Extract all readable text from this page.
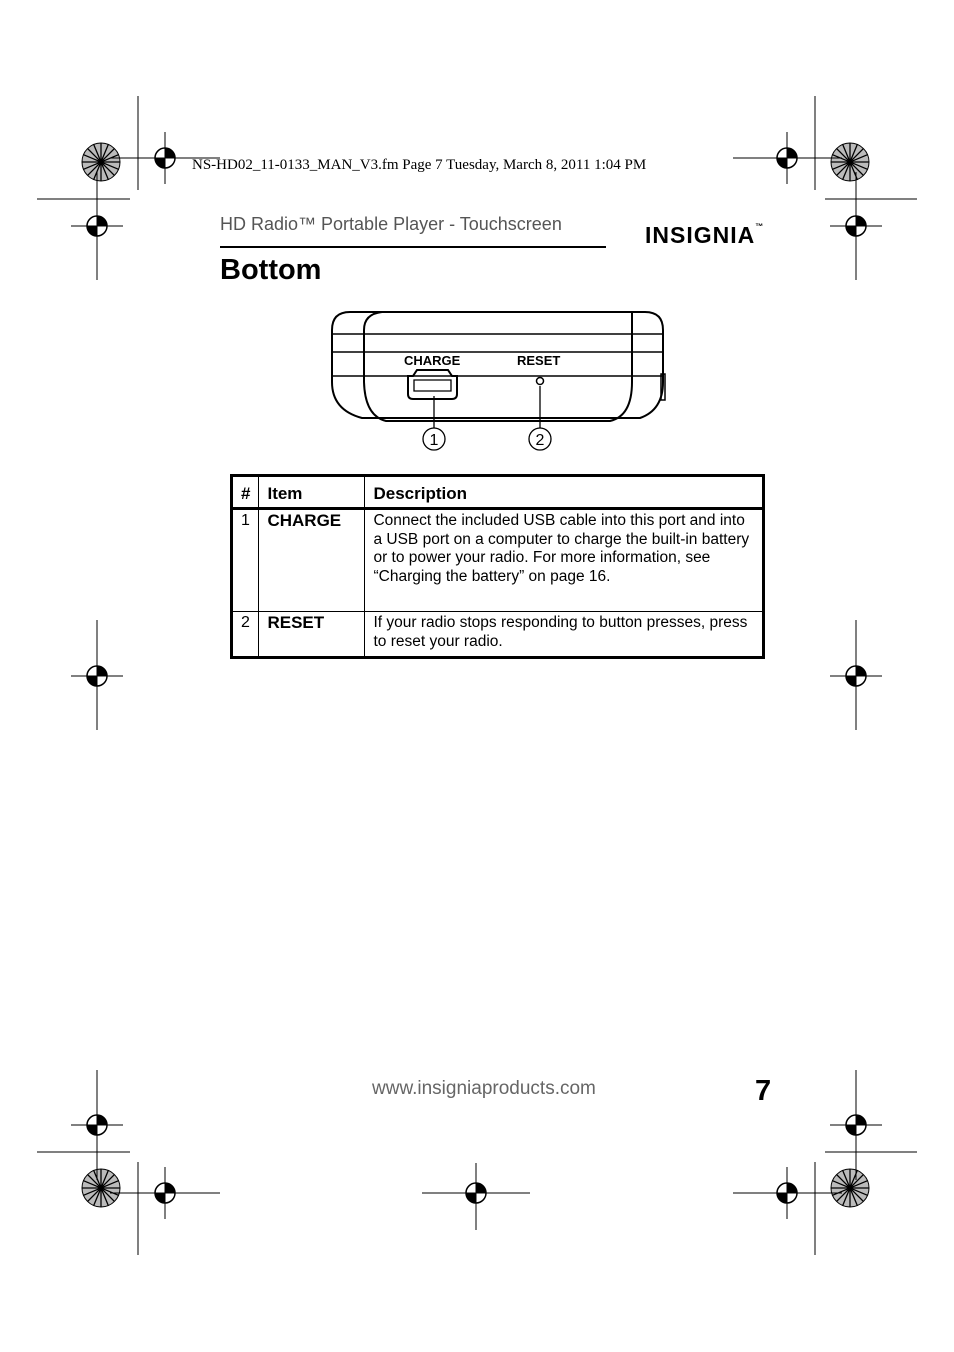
NS-HD02_11-0133_MAN_V3.fm Page 7 Tuesday, March 8, 2011 1:04 PM
HD Radio™ Portable Player - Touchscreen	INSIGNIA™
Bottom
CHARGE	RESET
1	2
#	Item	Description
1	CHARGE	Connect the included USB cable into this port and into a USB port on a computer to charge the built-in battery or to power your radio. For more information, see “Charging the battery” on page 16.
2	RESET	If your radio stops responding to button presses, press to reset your radio.
www.insigniaproducts.com	7
